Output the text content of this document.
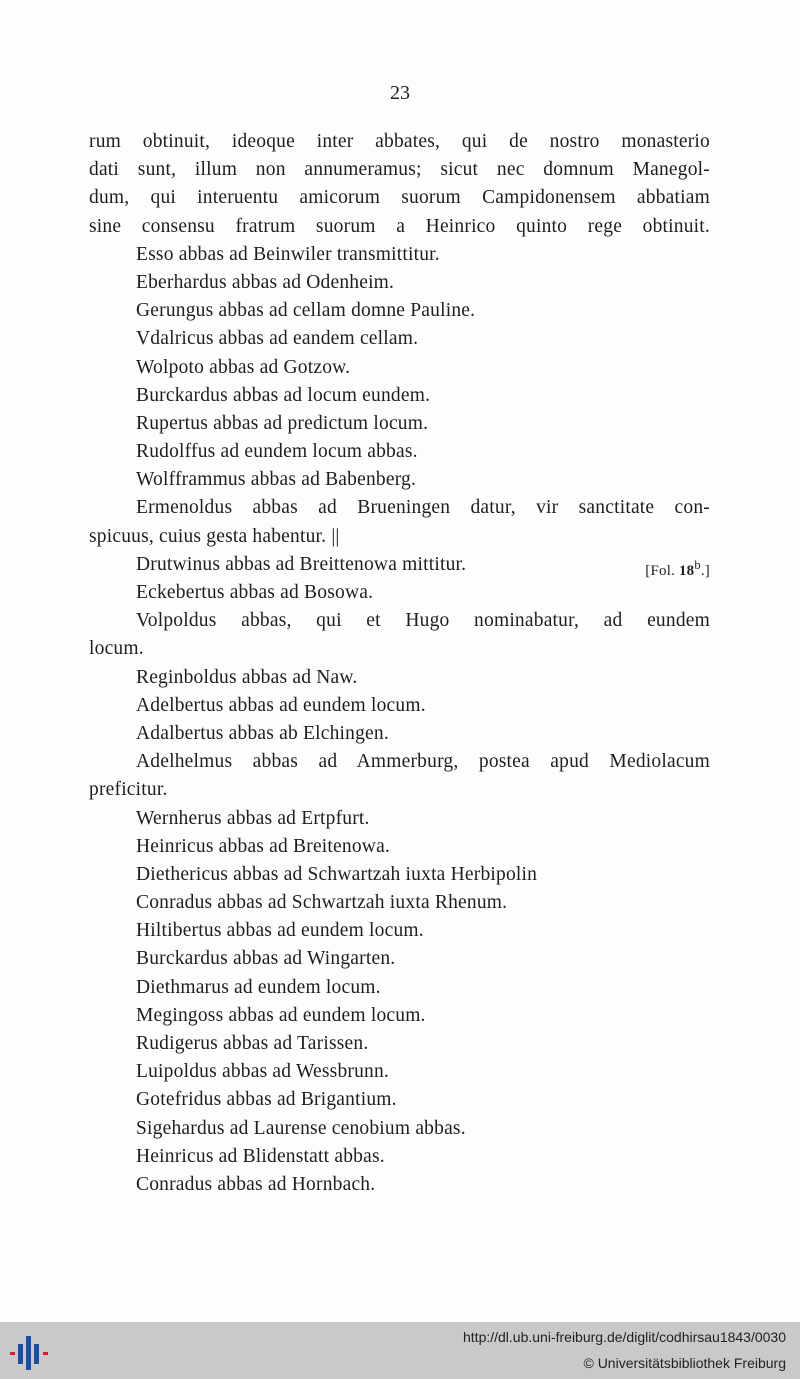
23
rum obtinuit, ideoque inter abbates, qui de nostro monasterio
dati sunt, illum non annumeramus; sicut nec domnum Manegol-
dum, qui interuentu amicorum suorum Campidonensem abbatiam
sine consensu fratrum suorum a Heinrico quinto rege obtinuit.
Esso abbas ad Beinwiler transmittitur.
Eberhardus abbas ad Odenheim.
Gerungus abbas ad cellam domne Pauline.
Vdalricus abbas ad eandem cellam.
Wolpoto abbas ad Gotzow.
Burckardus abbas ad locum eundem.
Rupertus abbas ad predictum locum.
Rudolffus ad eundem locum abbas.
Wolfframmus abbas ad Babenberg.
Ermenoldus abbas ad Brueningen datur, vir sanctitate con-
spicuus, cuius gesta habentur. ||
Drutwinus abbas ad Breittenowa mittitur.	[Fol. 18$^b$.]
Eckebertus abbas ad Bosowa.
Volpoldus abbas, qui et Hugo nominabatur, ad eundem
locum.
Reginboldus abbas ad Naw.
Adelbertus abbas ad eundem locum.
Adalbertus abbas ab Elchingen.
Adelhelmus abbas ad Ammerburg, postea apud Mediolacum
preficitur.
Wernherus abbas ad Ertpfurt.
Heinricus abbas ad Breitenowa.
Diethericus abbas ad Schwartzah iuxta Herbipolin
Conradus abbas ad Schwartzah iuxta Rhenum.
Hiltibertus abbas ad eundem locum.
Burckardus abbas ad Wingarten.
Diethmarus ad eundem locum.
Megingoss abbas ad eundem locum.
Rudigerus abbas ad Tarissen.
Luipoldus abbas ad Wessbrunn.
Gotefridus abbas ad Brigantium.
Sigehardus ad Laurense cenobium abbas.
Heinricus ad Blidenstatt abbas.
Conradus abbas ad Hornbach.
http://dl.ub.uni-freiburg.de/diglit/codhirsau1843/0030
© Universitätsbibliothek Freiburg
